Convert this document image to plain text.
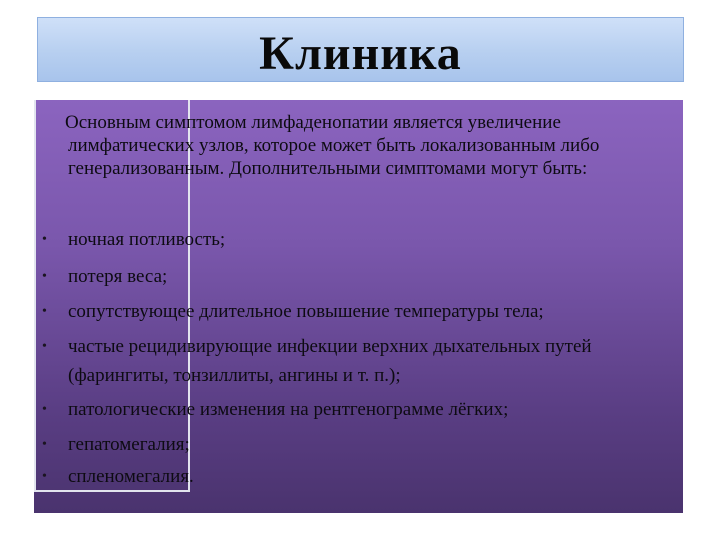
Клиника

Основным симптомом лимфаденопатии является увеличение лимфатических узлов, которое может быть локализованным либо генерализованным. Дополнительными симптомами могут быть:

• ночная потливость;
• потеря веса;
• сопутствующее длительное повышение температуры тела;
• частые рецидивирующие инфекции верхних дыхательных путей (фарингиты, тонзиллиты, ангины и т. п.);
• патологические изменения на рентгенограмме лёгких;
• гепатомегалия;
• спленомегалия.
